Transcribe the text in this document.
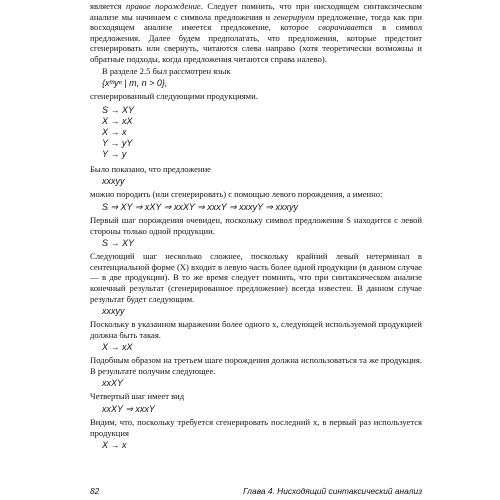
является правое порождение. Следует помнить, что при нисходящем синтаксическом анализе мы начинаем с символа предложения и генерируем предложение, тогда как при восходящем анализе имеется предложение, которое сворачивается в символ предложения. Далее будем предполагать, что предложения, которые предстоит сгенерировать или свернуть, читаются слева направо (хотя теоретически возможны и обратные подходы, когда предложения читаются справа налево).

В разделе 2.5 был рассмотрен язык

{xᵐyⁿ | m, n > 0},

сгенерированный следующими продукциями.

S → XY
X → xX
X → x
Y → yY
Y → y

Было показано, что предложение

xxxyy

можно породить (или сгенерировать) с помощью левого порождения, а именно:

S ⇒ XY ⇒ xXY ⇒ xxXY ⇒ xxxY ⇒ xxxyY ⇒ xxxyy

Первый шаг порождения очевиден, поскольку символ предложения S находится с левой стороны только одной продукции.

S → XY

Следующий шаг несколько сложнее, поскольку крайний левый нетерминал в сентенциальной форме (X) входит в левую часть более одной продукции (в данном случае — в две продукции). В то же время следует помнить, что при синтаксическом анализе конечный результат (сгенерированное предложение) всегда известен. В данном случае результат будет следующим.

xxxyy

Поскольку в указанном выражении более одного x, следующей используемой продукцией должна быть такая.

X → xX

Подобным образом на третьем шаге порождения должна использоваться та же продукция. В результате получим следующее.

xxXY

Четвертый шаг имеет вид

xxXY ⇒ xxxY

Видим, что, поскольку требуется сгенерировать последний x, в первый раз используется продукция

X → x
82	Глава 4. Нисходящий синтаксический анализ
